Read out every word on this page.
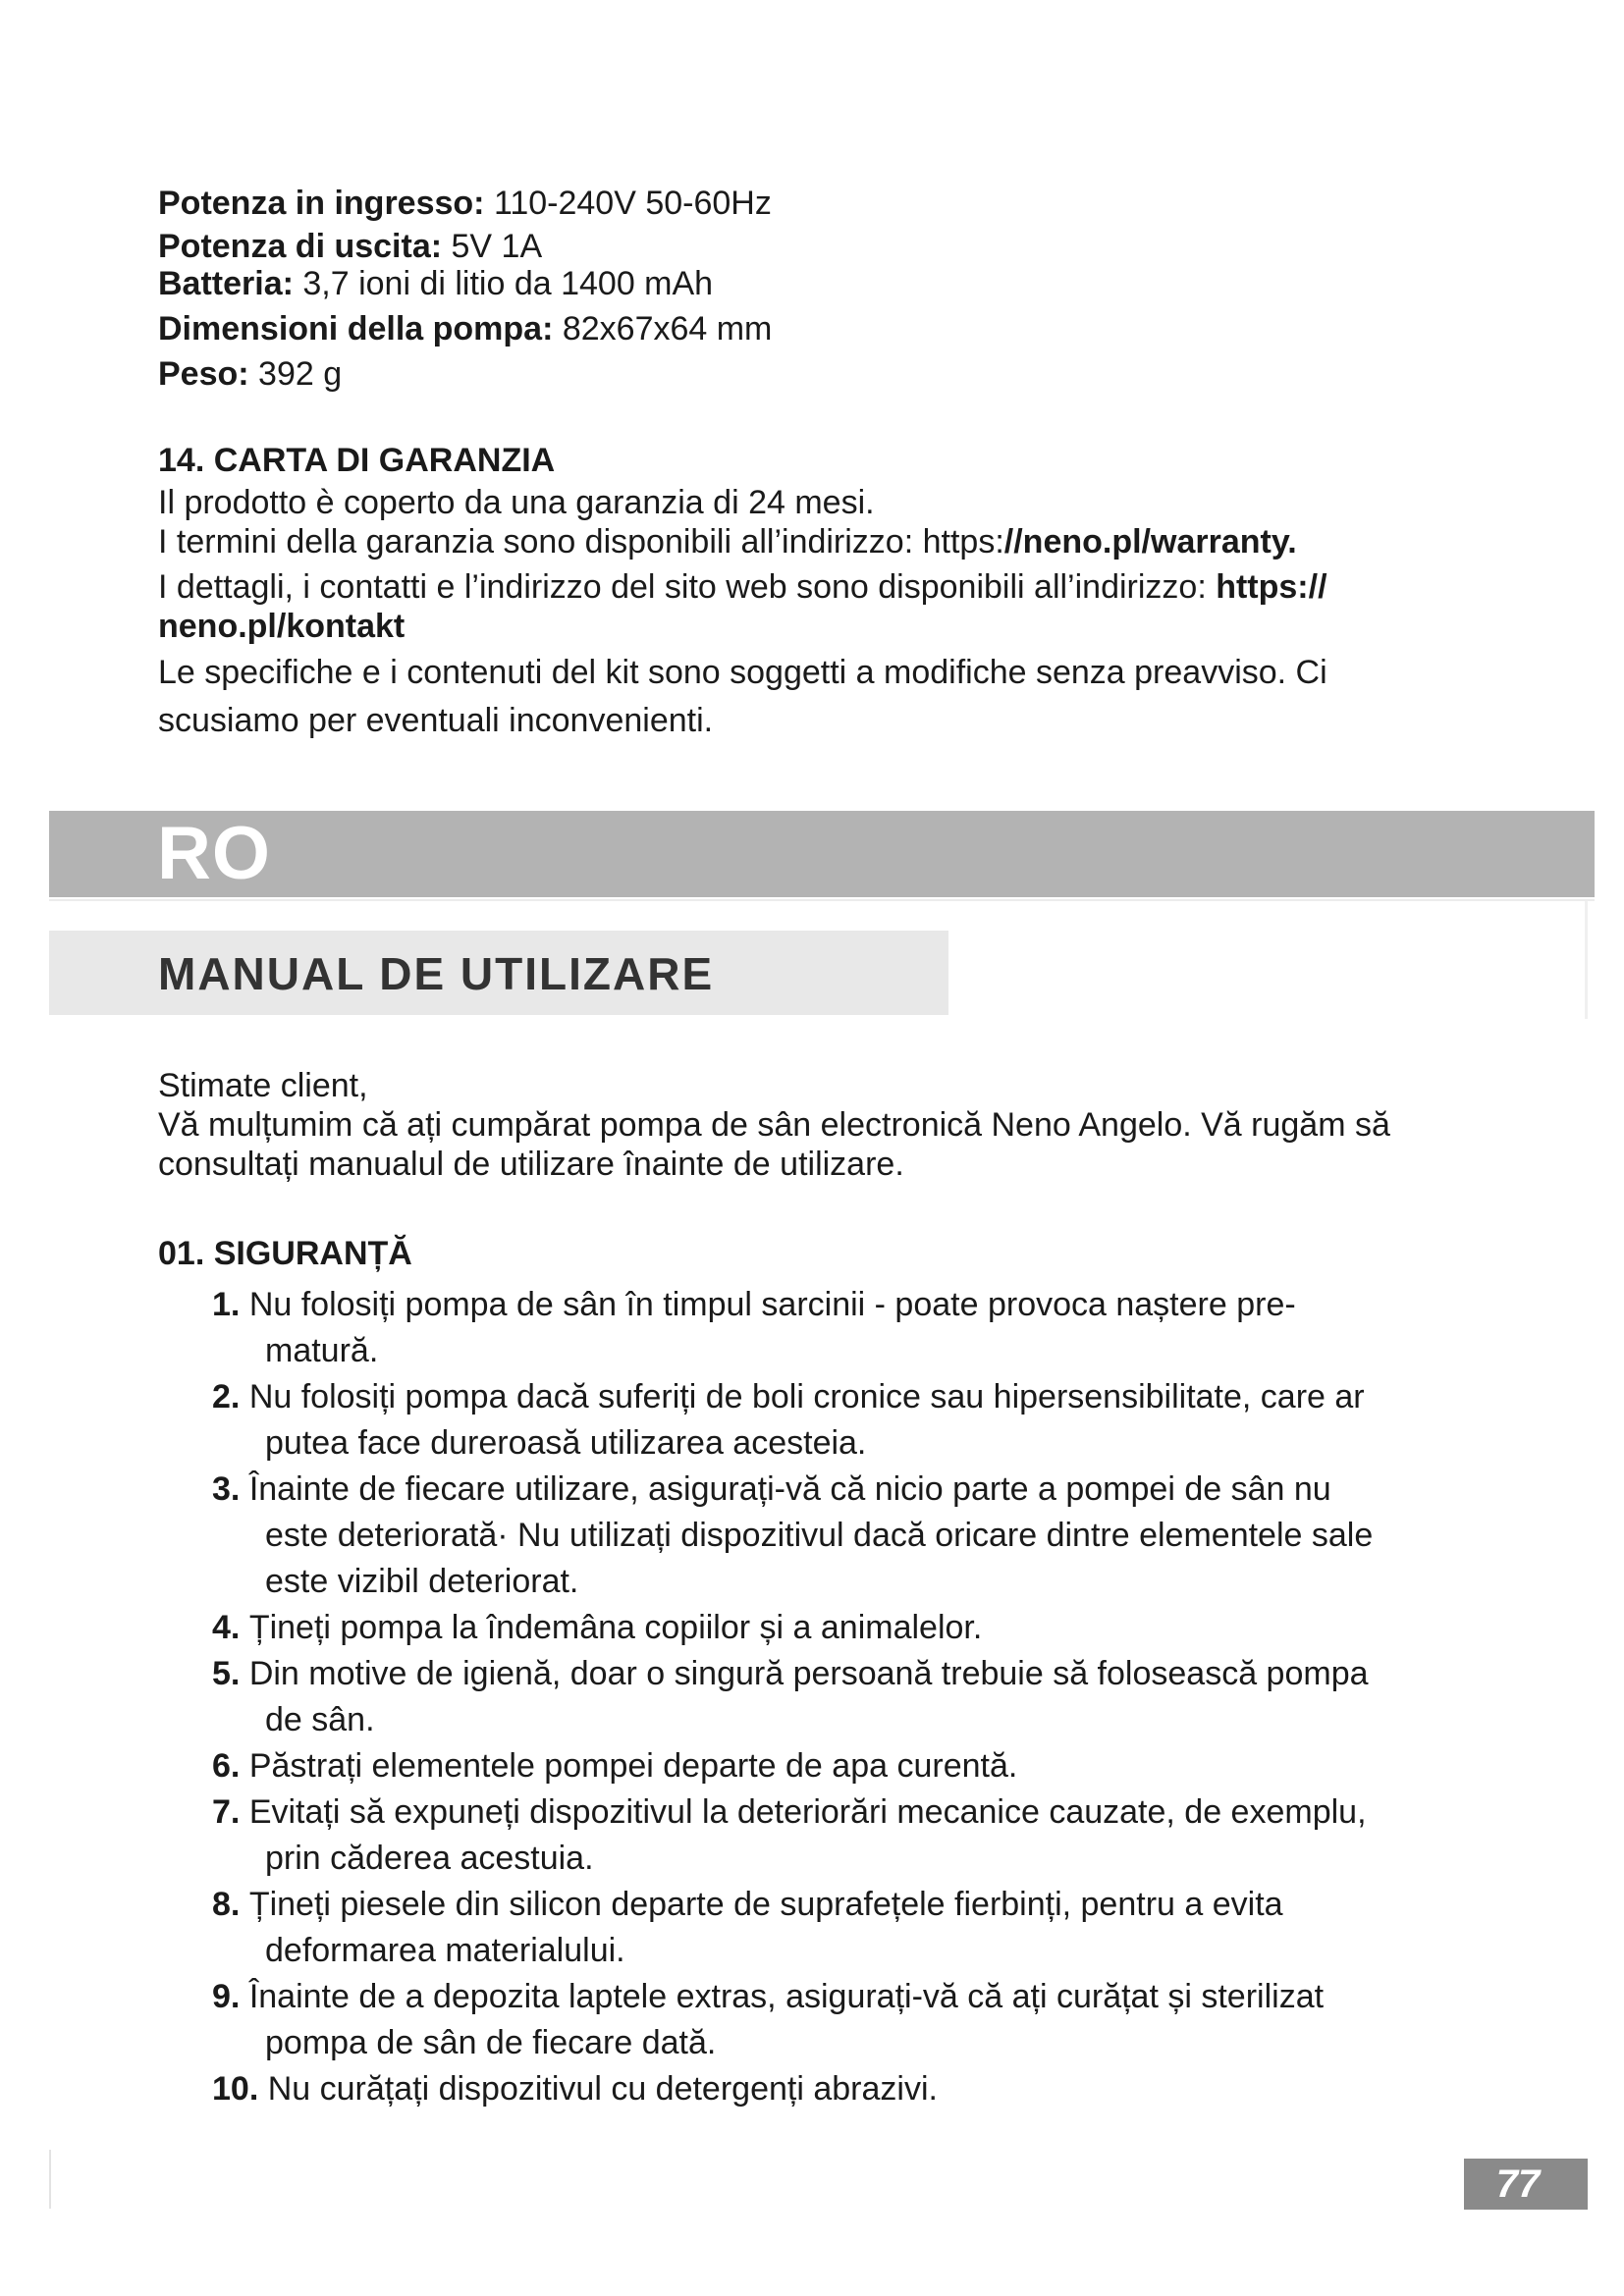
Potenza in ingresso: 110-240V 50-60Hz
Potenza di uscita: 5V 1A
Batteria: 3,7 ioni di litio da 1400 mAh
Dimensioni della pompa: 82x67x64 mm
Peso: 392 g
14. CARTA DI GARANZIA

Il prodotto è coperto da una garanzia di 24 mesi.

I termini della garanzia sono disponibili all’indirizzo: https://neno.pl/warranty.

I dettagli, i contatti e l’indirizzo del sito web sono disponibili all’indirizzo: https://

neno.pl/kontakt

Le specifiche e i contenuti del kit sono soggetti a modifiche senza preavviso. Ci

scusiamo per eventuali inconvenienti.

RO
MANUAL DE UTILIZARE

Stimate client,

Vă mulțumim că ați cumpărat pompa de sân electronică Neno Angelo. Vă rugăm să

consultați manualul de utilizare înainte de utilizare.

01. SIGURANȚĂ
1. Nu folosiți pompa de sân în timpul sarcinii - poate provoca naștere pre-
matură.
2. Nu folosiți pompa dacă suferiți de boli cronice sau hipersensibilitate, care ar
putea face dureroasă utilizarea acesteia.
3. Înainte de fiecare utilizare, asigurați-vă că nicio parte a pompei de sân nu
este deteriorată· Nu utilizați dispozitivul dacă oricare dintre elementele sale
este vizibil deteriorat.
4. Țineți pompa la îndemâna copiilor și a animalelor.
5. Din motive de igienă, doar o singură persoană trebuie să folosească pompa
de sân.
6. Păstrați elementele pompei departe de apa curentă.
7. Evitați să expuneți dispozitivul la deteriorări mecanice cauzate, de exemplu,
prin căderea acestuia.
8. Țineți piesele din silicon departe de suprafețele fierbinți, pentru a evita
deformarea materialului.
9. Înainte de a depozita laptele extras, asigurați-vă că ați curățat și sterilizat
pompa de sân de fiecare dată.
10. Nu curățați dispozitivul cu detergenți abrazivi.
77
